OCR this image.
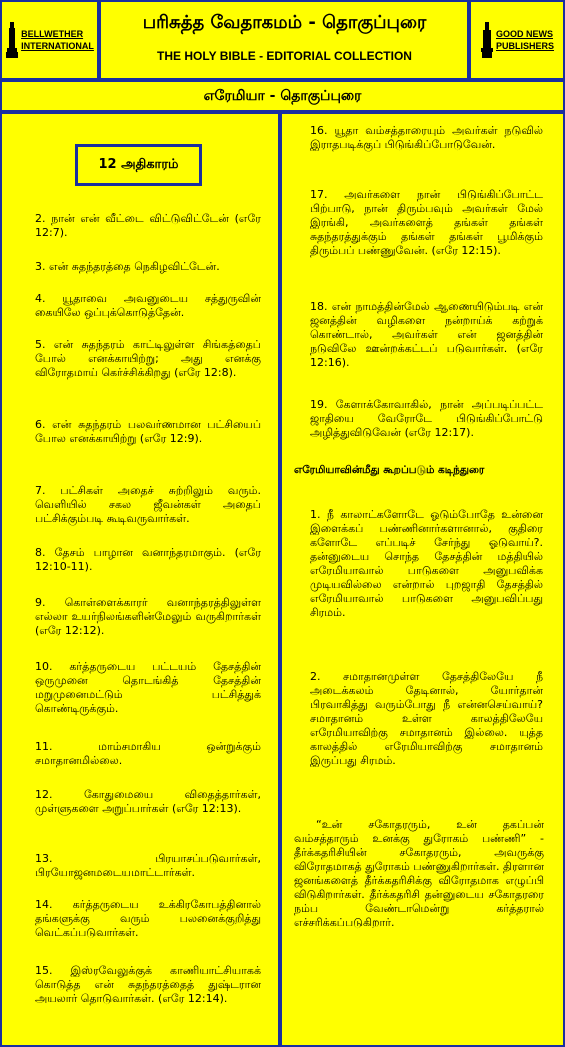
BELLWETHER
INTERNATIONAL
பரிசுத்த வேதாகமம் - தொகுப்புரை
THE HOLY BIBLE - EDITORIAL COLLECTION
GOOD NEWS
PUBLISHERS
எரேமியா - தொகுப்புரை
12 அதிகாரம்
2. நான் என் வீட்டை விட்டுவிட்டேன் (எரே 12:7).
3. என் சுதந்தரத்தை நெகிழவிட்டேன்.
4. யூதாவை அவனுடைய சத்துருவின் கையிலே ஒப்புக்கொடுத்தேன்.
5. என் சுதந்தரம் காட்டிலுள்ள சிங்கத்தைப் போல் எனக்காயிற்று; அது எனக்கு விரோதமாய் கெர்ச்சிக்கிறது (எரே 12:8).
6. என் சுதந்தரம் பலவர்ணமான பட்சியைப் போல எனக்காயிற்று (எரே 12:9).
7. பட்சிகள் அதைச் சுற்றிலும் வரும். வெளியில் சகல ஜீவன்கள் அதைப் பட்சிக்கும்படி கூடிவருவார்கள்.
8. தேசம் பாழான வனாந்தரமாகும். (எரே 12:10-11).
9. கொள்ளைக்காரர் வனாந்தரத்திலுள்ள எல்லா உயர்நிலங்களின்மேலும் வருகிறார்கள் (எரே 12:12).
10. கர்த்தருடைய பட்டயம் தேசத்தின் ஒருமுனை தொடங்கித் தேசத்தின் மறுமுனைமட்டும் பட்சித்துக் கொண்டிருக்கும்.
11. மாம்சமாகிய ஒன்றுக்கும் சமாதானமில்லை.
12. கோதுமையை விதைத்தார்கள், முள்ளுகளை அறுப்பார்கள் (எரே 12:13).
13. பிரயாசப்படுவார்கள், பிரயோஜனமடையமாட்டார்கள்.
14. கர்த்தருடைய உக்கிரகோபத்தினால் தங்களுக்கு வரும் பலனைக்குறித்து வெட்கப்படுவார்கள்.
15. இஸ்ரவேலுக்குக் காணியாட்சியாகக் கொடுத்த என் சுதந்தரத்தைத் துஷ்டரான அயலார் தொடுவார்கள். (எரே 12:14).
16. யூதா வம்சத்தாரையும் அவர்கள் நடுவில் இராதபடிக்குப் பிடுங்கிப்போடுவேன்.
17. அவர்களை நான் பிடுங்கிப்போட்ட பிற்பாடு, நான் திரும்பவும் அவர்கள் மேல் இரங்கி, அவர்களைத் தங்கள் தங்கள் சுதந்தரத்துக்கும் தங்கள் தங்கள் பூமிக்கும் திரும்பப் பண்ணுவேன். (எரே 12:15).
18. என் நாமத்தின்மேல் ஆணையிடும்படி என் ஜனத்தின் வழிகளை நன்றாய்க் கற்றுக் கொண்டால், அவர்கள் என் ஜனத்தின் நடுவிலே ஊன்றக்கட்டப் படுவார்கள். (எரே 12:16).
19. கேளாக்கோவாகில், நான் அப்படிப்பட்ட ஜாதியை வேரோடே பிடுங்கிப்போட்டு அழித்துவிடுவேன் (எரே 12:17).
எரேமியாவின்மீது கூறப்படும் கடிந்துரை
1. நீ காலாட்களோடே ஓடும்போதே உன்னை இளைக்கப் பண்ணினார்களானால், குதிரை களோடே எப்படிச் சேர்ந்து ஓடுவாய்?. தன்னுடைய சொந்த தேசத்தின் மத்தியில் எரேமியாவால் பாடுகளை அனுபவிக்க முடியவில்லை என்றால் புறஜாதி தேசத்தில் எரேமியாவால் பாடுகளை அனுபவிப்பது சிரமம்.
2. சமாதானமுள்ள தேசத்திலேயே நீ அடைக்கலம் தேடினால், யோர்தான் பிரவாகித்து வரும்போது நீ என்னசெய்வாய்? சமாதானம் உள்ள காலத்திலேயே எரேமியாவிற்கு சமாதானம் இல்லை. யுத்த காலத்தில் எரேமியாவிற்கு சமாதானம் இருப்பது சிரமம்.
“உன் சகோதரரும், உன் தகப்பன் வம்சத்தாரும் உனக்கு துரோகம் பண்ணி” - தீர்க்கதரிசியின் சகோதரரும், அவருக்கு விரோதமாகத் துரோகம் பண்ணுகிறார்கள். திரளான ஜனங்களைத் தீர்க்கதரிசிக்கு விரோதமாக எழுப்பி விடுகிறார்கள். தீர்க்கதரிசி தன்னுடைய சகோதரரை நம்ப வேண்டாமென்று கர்த்தரால் எச்சரிக்கப்படுகிறார்.
